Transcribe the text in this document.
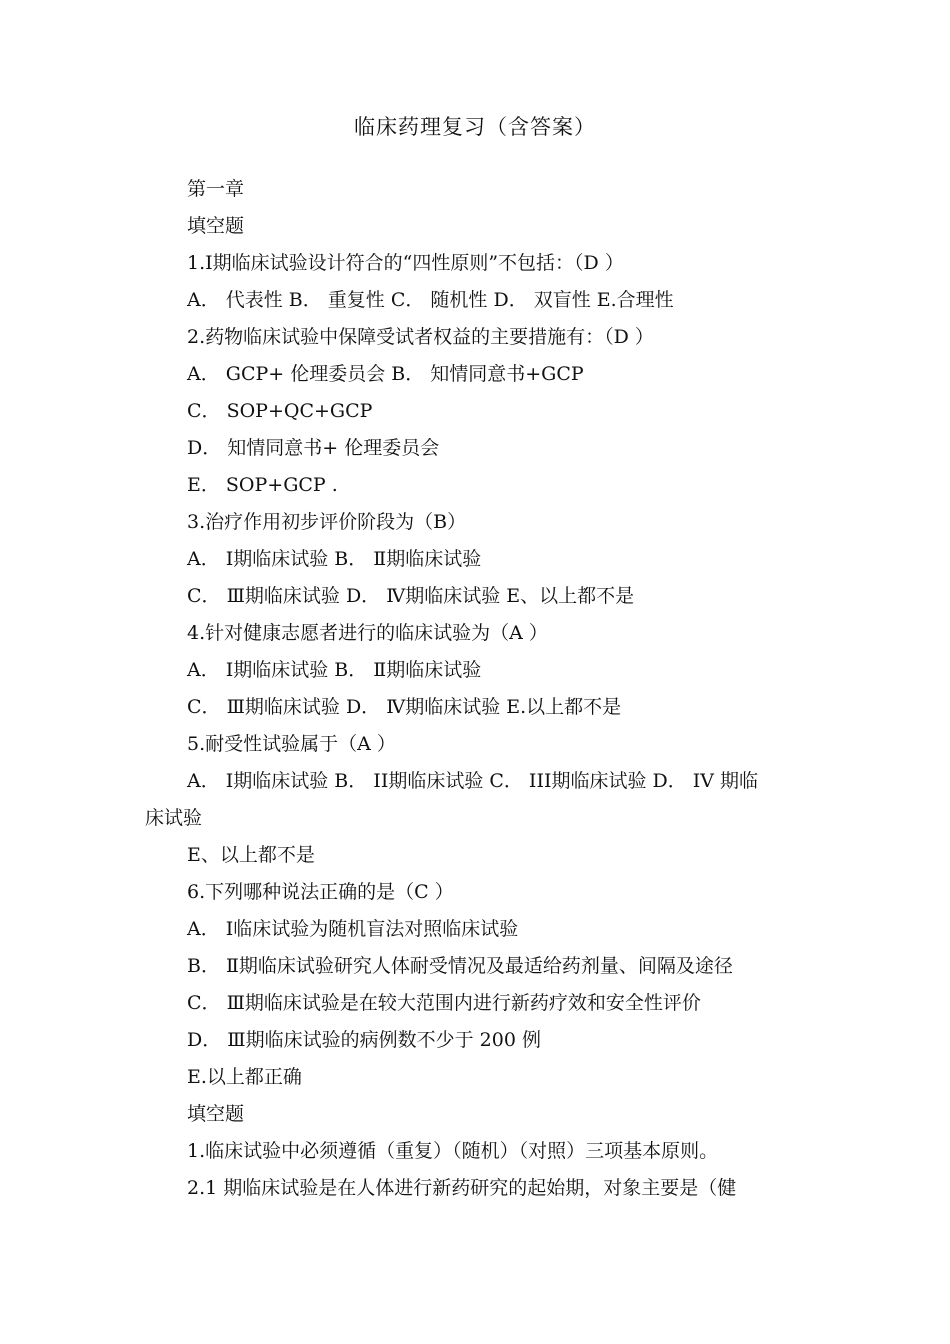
临床药理复习（含答案）
第一章
填空题
1.I期临床试验设计符合的“四性原则”不包括：（D ）
A． 代表性 B． 重复性 C． 随机性 D． 双盲性 E.合理性
2.药物临床试验中保障受试者权益的主要措施有：（D ）
A． GCP+ 伦理委员会 B． 知情同意书+GCP
C． SOP+QC+GCP
D． 知情同意书+ 伦理委员会
E． SOP+GCP .
3.治疗作用初步评价阶段为（B）
A． Ⅰ期临床试验 B． Ⅱ期临床试验
C． Ⅲ期临床试验 D． Ⅳ期临床试验 E、以上都不是
4.针对健康志愿者进行的临床试验为（A ）
A． Ⅰ期临床试验 B． Ⅱ期临床试验
C． Ⅲ期临床试验 D． Ⅳ期临床试验 E.以上都不是
5.耐受性试验属于（A ）
A． I期临床试验 B． II期临床试验 C． III期临床试验 D． IV 期临
床试验
E、以上都不是
6.下列哪种说法正确的是（C ）
A． Ⅰ临床试验为随机盲法对照临床试验
B． Ⅱ期临床试验研究人体耐受情况及最适给药剂量、间隔及途径
C． Ⅲ期临床试验是在较大范围内进行新药疗效和安全性评价
D． Ⅲ期临床试验的病例数不少于 200 例
E.以上都正确
填空题
1.临床试验中必须遵循（重复）（随机）（对照）三项基本原则。
2.1 期临床试验是在人体进行新药研究的起始期，对象主要是（健
